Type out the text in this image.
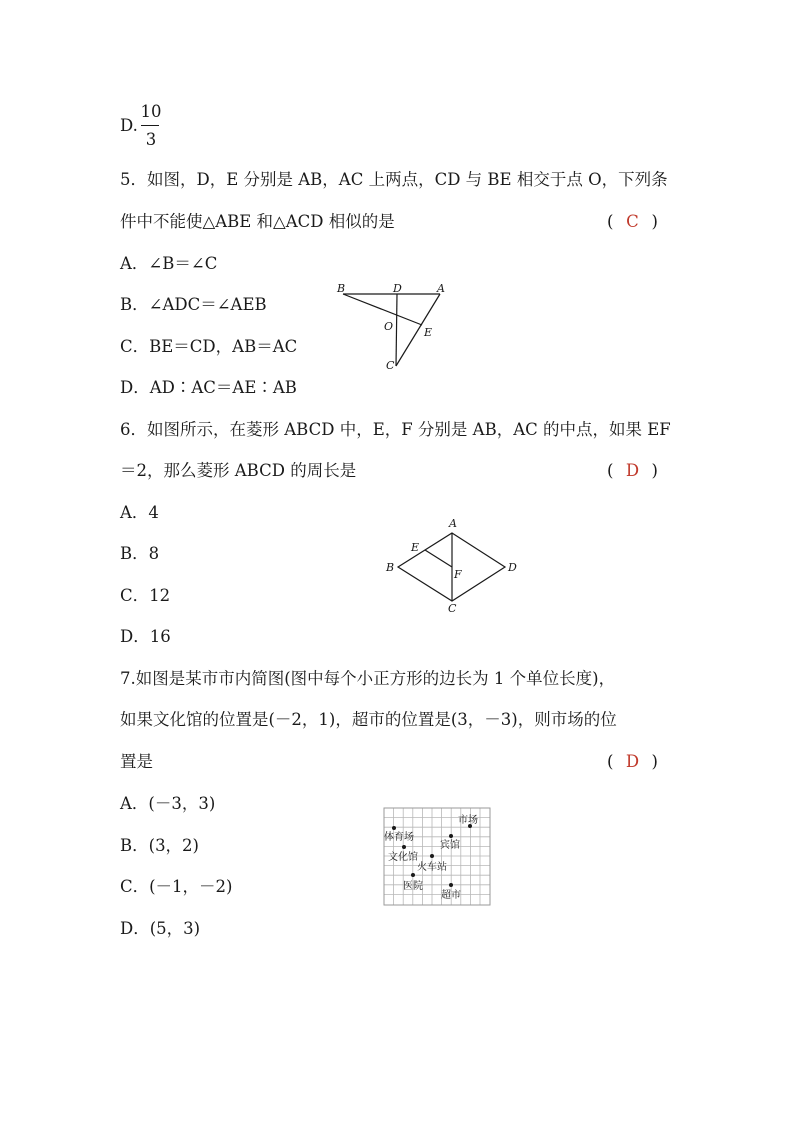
D.
10
3
5．如图，D，E 分别是 AB，AC 上两点，CD 与 BE 相交于点 O，下列条
件中不能使△ABE 和△ACD 相似的是	( C )
A．∠B＝∠C
B．∠ADC＝∠AEB
C．BE＝CD，AB＝AC
D．AD∶AC＝AE∶AB
B	D	A
O	E
C
6．如图所示，在菱形 ABCD 中，E，F 分别是 AB，AC 的中点，如果 EF
＝2，那么菱形 ABCD 的周长是	( D )
A．4
B．8
C．12
D．16
A
E
B
F
D
C
7.如图是某市市内简图(图中每个小正方形的边长为 1 个单位长度)，
如果文化馆的位置是(－2，1)，超市的位置是(3，－3)，则市场的位
置是	( D )
A．(－3，3)
B．(3，2)
C．(－1，－2)
D．(5，3)
市场
体育场
宾馆
文化馆
火车站
医院
超市
